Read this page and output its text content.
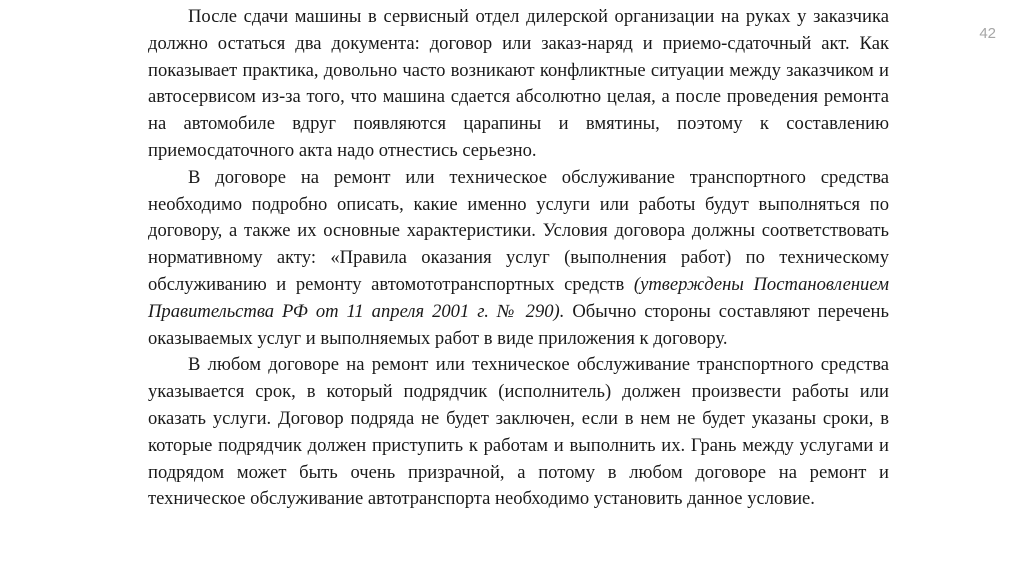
42

После сдачи машины в сервисный отдел дилерской организации на руках у заказчика должно остаться два документа: договор или заказ-наряд и приемо-сдаточный акт. Как показывает практика, довольно часто возникают конфликтные ситуации между заказчиком и автосервисом из-за того, что машина сдается абсолютно целая, а после проведения ремонта на автомобиле вдруг появляются царапины и вмятины, поэтому к составлению приемосдаточного акта надо отнестись серьезно.

В договоре на ремонт или техническое обслуживание транспортного средства необходимо подробно описать, какие именно услуги или работы будут выполняться по договору, а также их основные характеристики. Условия договора должны соответствовать нормативному акту: «Правила оказания услуг (выполнения работ) по техническому обслуживанию и ремонту автомототранспортных средств (утверждены Постановлением Правительства РФ от 11 апреля 2001 г. № 290). Обычно стороны составляют перечень оказываемых услуг и выполняемых работ в виде приложения к договору.

В любом договоре на ремонт или техническое обслуживание транспортного средства указывается срок, в который подрядчик (исполнитель) должен произвести работы или оказать услуги. Договор подряда не будет заключен, если в нем не будет указаны сроки, в которые подрядчик должен приступить к работам и выполнить их. Грань между услугами и подрядом может быть очень призрачной, а потому в любом договоре на ремонт и техническое обслуживание автотранспорта необходимо установить данное условие.
